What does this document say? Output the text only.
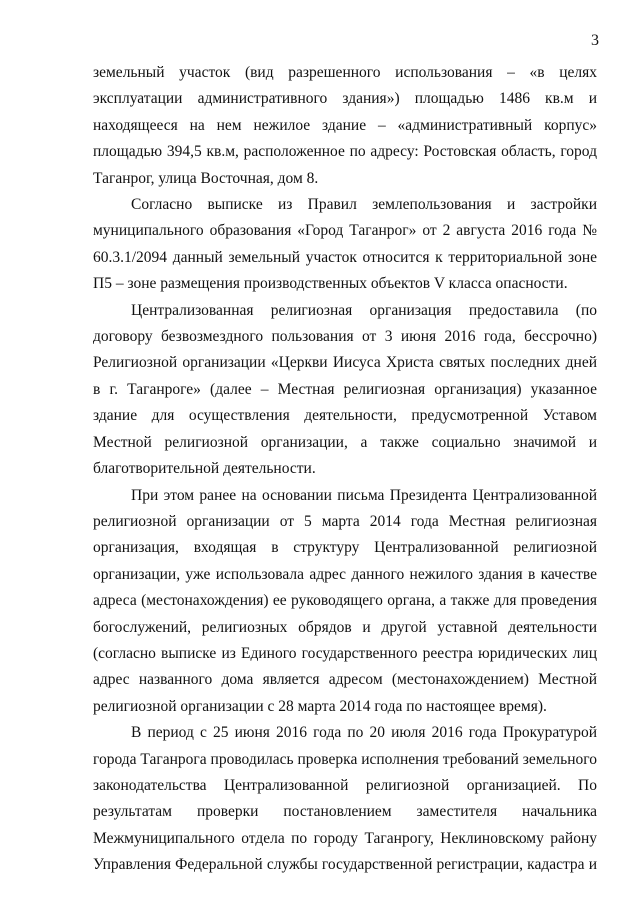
3

земельный участок (вид разрешенного использования – «в целях эксплуатации административного здания») площадью 1486 кв.м и находящееся на нем нежилое здание – «административный корпус» площадью 394,5 кв.м, расположенное по адресу: Ростовская область, город Таганрог, улица Восточная, дом 8.

Согласно выписке из Правил землепользования и застройки муниципального образования «Город Таганрог» от 2 августа 2016 года № 60.3.1/2094 данный земельный участок относится к территориальной зоне П5 – зоне размещения производственных объектов V класса опасности.

Централизованная религиозная организация предоставила (по договору безвозмездного пользования от 3 июня 2016 года, бессрочно) Религиозной организации «Церкви Иисуса Христа святых последних дней в г. Таганроге» (далее – Местная религиозная организация) указанное здание для осуществления деятельности, предусмотренной Уставом Местной религиозной организации, а также социально значимой и благотворительной деятельности.

При этом ранее на основании письма Президента Централизованной религиозной организации от 5 марта 2014 года Местная религиозная организация, входящая в структуру Централизованной религиозной организации, уже использовала адрес данного нежилого здания в качестве адреса (местонахождения) ее руководящего органа, а также для проведения богослужений, религиозных обрядов и другой уставной деятельности (согласно выписке из Единого государственного реестра юридических лиц адрес названного дома является адресом (местонахождением) Местной религиозной организации с 28 марта 2014 года по настоящее время).

В период с 25 июня 2016 года по 20 июля 2016 года Прокуратурой города Таганрога проводилась проверка исполнения требований земельного законодательства Централизованной религиозной организацией. По результатам проверки постановлением заместителя начальника Межмуниципального отдела по городу Таганрогу, Неклиновскому району Управления Федеральной службы государственной регистрации, кадастра и
